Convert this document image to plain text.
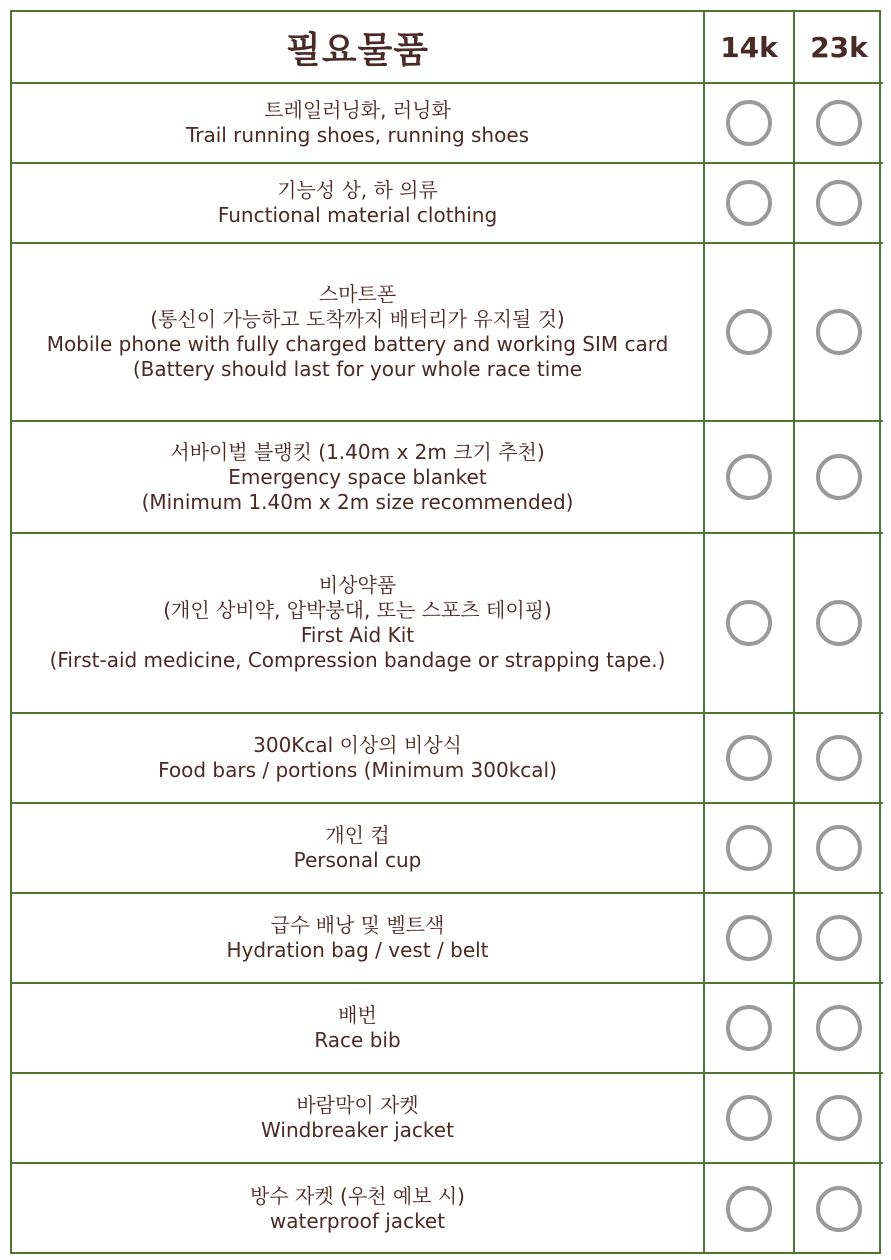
필요물품	14k	23k

트레일러닝화, 러닝화
Trail running shoes, running shoes		

기능성 상, 하 의류
Functional material clothing		

스마트폰
(통신이 가능하고 도착까지 배터리가 유지될 것)
Mobile phone with fully charged battery and working SIM card
(Battery should last for your whole race time		

서바이벌 블랭킷 (1.40m x 2m 크기 추천)
Emergency space blanket
(Minimum 1.40m x 2m size recommended)		

비상약품
(개인 상비약, 압박붕대, 또는 스포츠 테이핑)
First Aid Kit
(First-aid medicine, Compression bandage or strapping tape.)		

300Kcal 이상의 비상식
Food bars / portions (Minimum 300kcal)		

개인 컵
Personal cup		

급수 배낭 및 벨트색
Hydration bag / vest / belt		

배번
Race bib		

바람막이 자켓
Windbreaker jacket		

방수 자켓 (우천 예보 시)
waterproof jacket		
